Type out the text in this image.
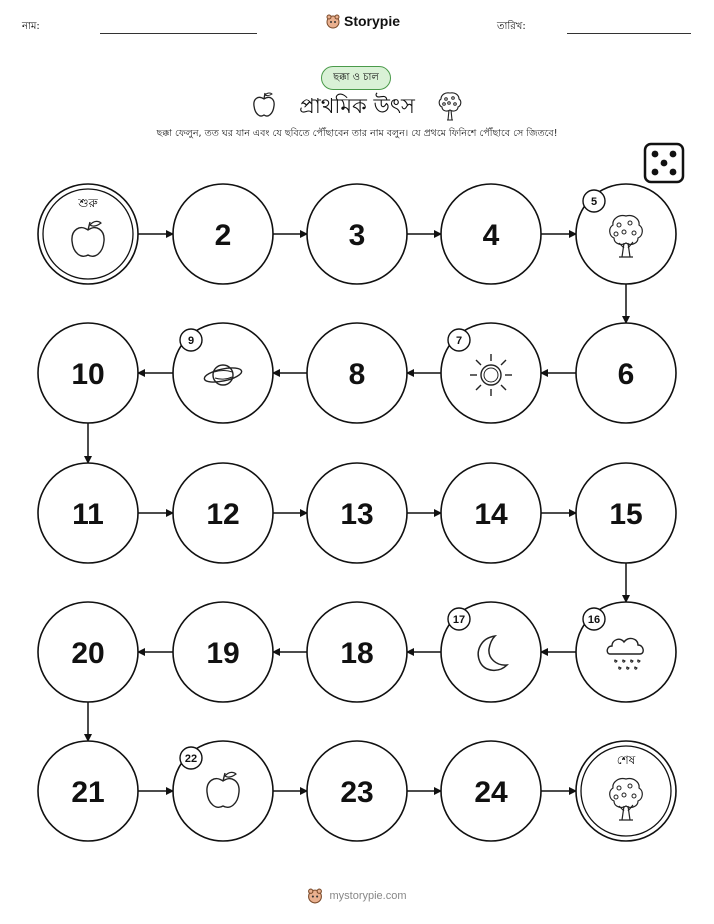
নাম:	Storypie	তারিখ:
ছক্কা ও চাল
প্রাথমিক উৎস
ছক্কা ফেলুন, তত ঘর যান এবং যে ছবিতে পৌঁছাবেন তার নাম বলুন। যে প্রথমে ফিনিশে পৌঁছাবে সে জিতবে!
শুরু
2	3	4
5
6
7
8
9
10
11	12	13	14	15
16
17
18
19
20
21
22
23	24
শেষ
mystorypie.com
